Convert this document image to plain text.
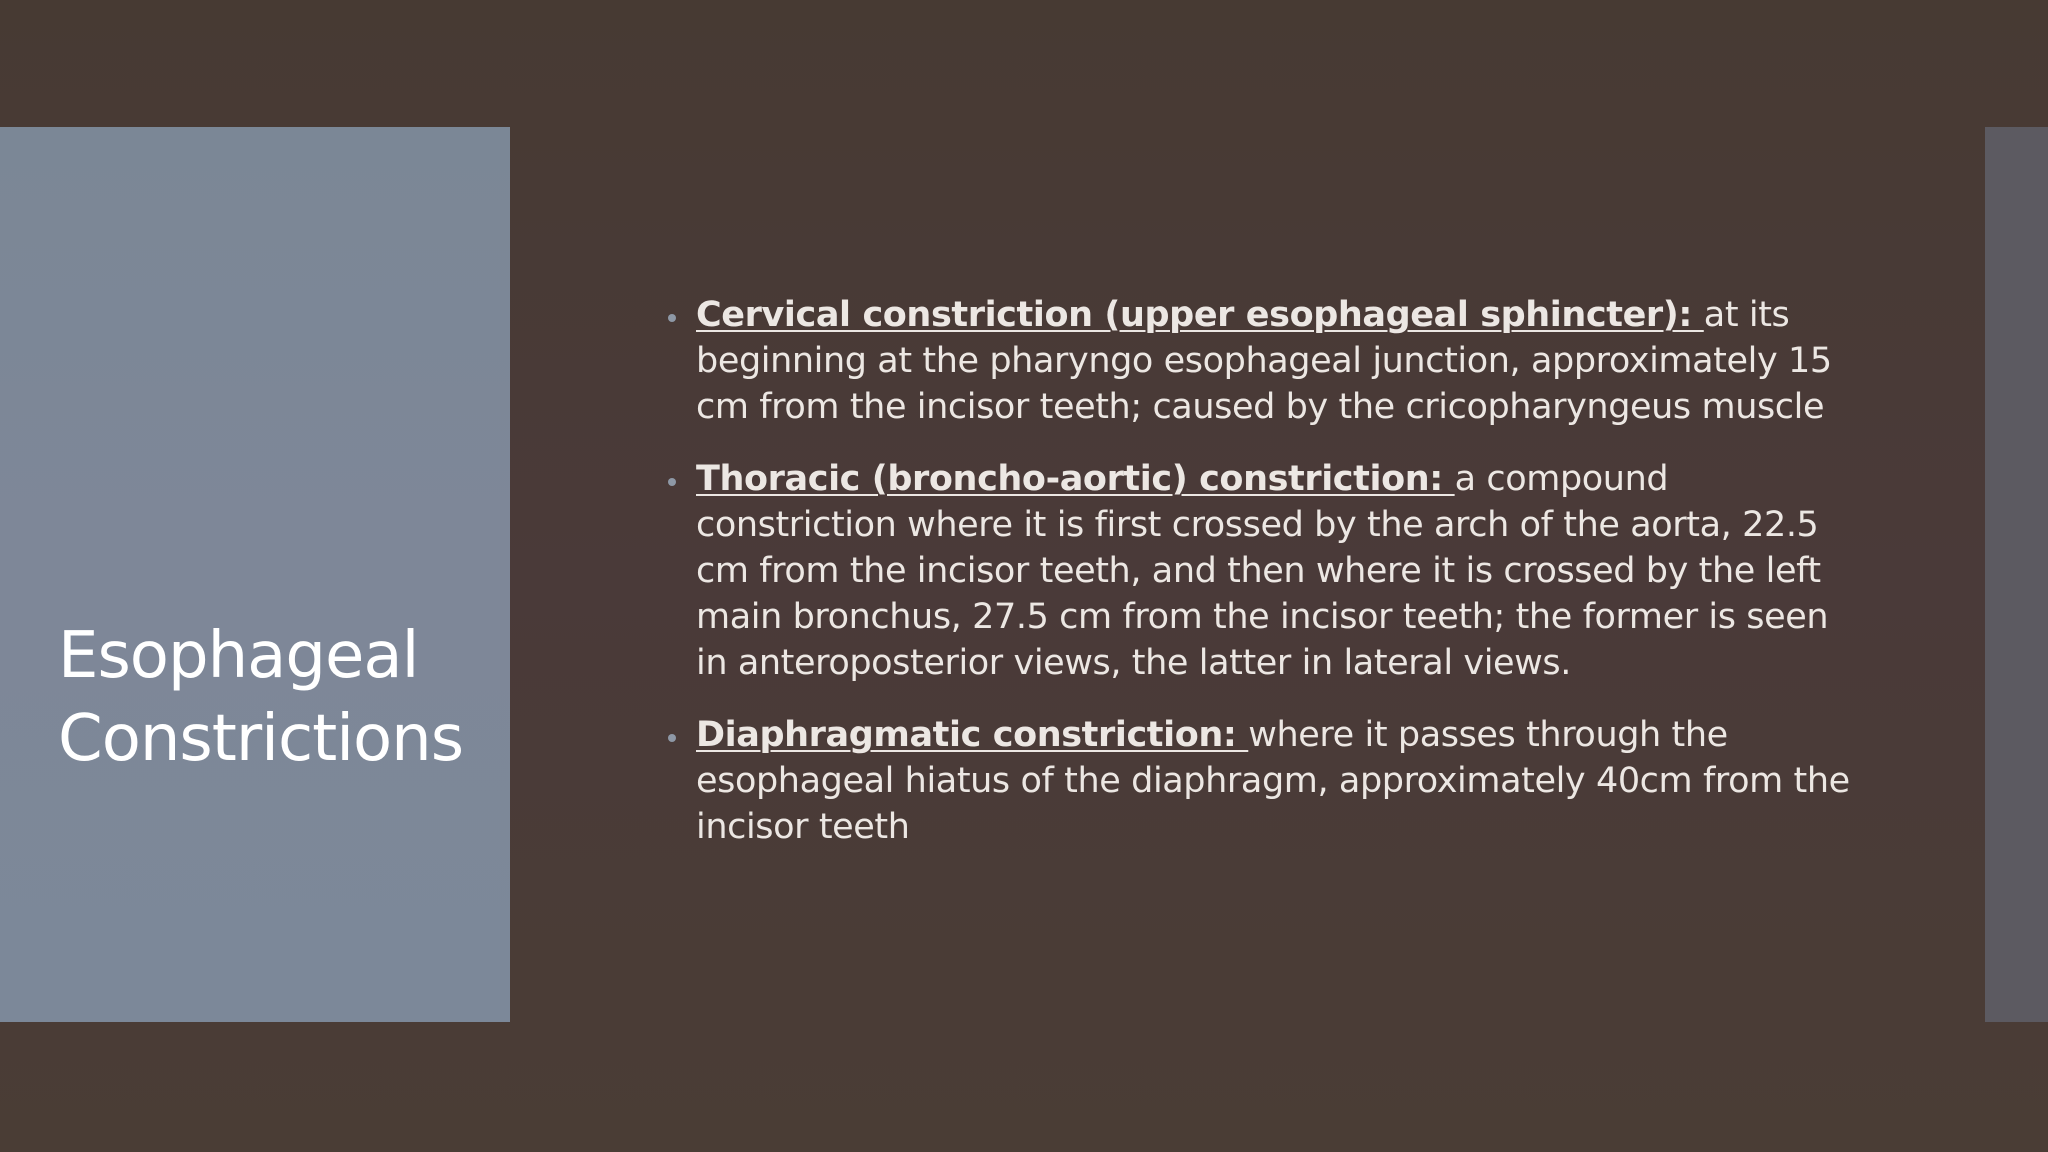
Esophageal
Constrictions
Cervical constriction (upper esophageal sphincter): at its beginning at the pharyngo esophageal junction, approximately 15 cm from the incisor teeth; caused by the cricopharyngeus muscle
Thoracic (broncho-aortic) constriction: a compound constriction where it is first crossed by the arch of the aorta, 22.5 cm from the incisor teeth, and then where it is crossed by the left main bronchus, 27.5 cm from the incisor teeth; the former is seen in anteroposterior views, the latter in lateral views.
Diaphragmatic constriction: where it passes through the esophageal hiatus of the diaphragm, approximately 40cm from the incisor teeth
